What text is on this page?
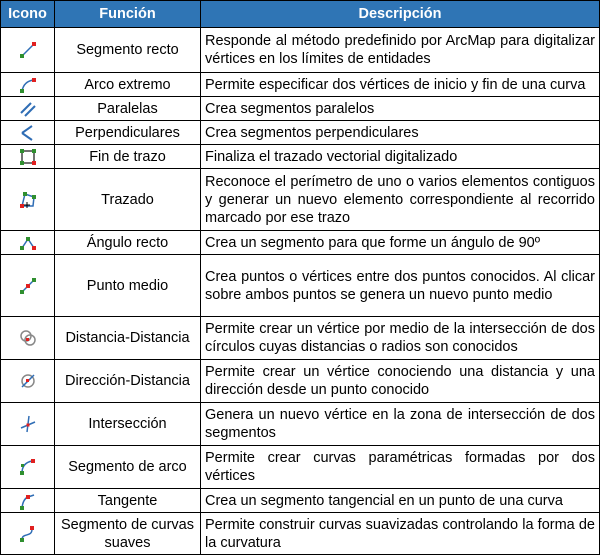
Icono	Función	Descripción
	Segmento recto	Responde al método predefinido por ArcMap para digitalizar vértices en los límites de entidades
	Arco extremo	Permite especificar dos vértices de inicio y fin de una curva
	Paralelas	Crea segmentos paralelos
	Perpendiculares	Crea segmentos perpendiculares
	Fin de trazo	Finaliza el trazado vectorial digitalizado
	Trazado	Reconoce el perímetro de uno o varios elementos contiguos y generar un nuevo elemento correspondiente al recorrido marcado por ese trazo
	Ángulo recto	Crea un segmento para que forme un ángulo de 90º
	Punto medio	Crea puntos o vértices entre dos puntos conocidos. Al clicar sobre ambos puntos se genera un nuevo punto medio
	Distancia-Distancia	Permite crear un vértice por medio de la intersección de dos círculos cuyas distancias o radios son conocidos
	Dirección-Distancia	Permite crear un vértice conociendo una distancia y una dirección desde un punto conocido
	Intersección	Genera un nuevo vértice en la zona de intersección de dos segmentos
	Segmento de arco	Permite crear curvas paramétricas formadas por dos vértices
	Tangente	Crea un segmento tangencial en un punto de una curva
	Segmento de curvas suaves	Permite construir curvas suavizadas controlando la forma de la curvatura
